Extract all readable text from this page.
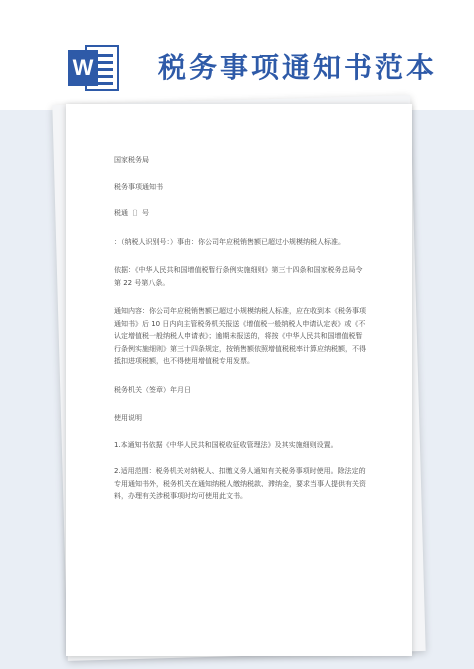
W 税务事项通知书范本

国家税务局

税务事项通知书

税通〔〕号

：（纳税人识别号：）事由：你公司年应税销售额已超过小规模纳税人标准。

依据：《中华人民共和国增值税暂行条例实施细则》第三十四条和国家税务总局令第 22 号第八条。

通知内容：你公司年应税销售额已超过小规模纳税人标准，应在收到本《税务事项通知书》后 10 日内向主管税务机关报送《增值税一般纳税人申请认定表》或《不认定增值税一般纳税人申请表》；逾期未报送的，将按《中华人民共和国增值税暂行条例实施细则》第三十四条规定，按销售额依照增值税税率计算应纳税额，不得抵扣进项税额，也不得使用增值税专用发票。

税务机关（签章）年月日

使用说明

1.本通知书依据《中华人民共和国税收征收管理法》及其实施细则设置。

2.适用范围：税务机关对纳税人、扣缴义务人通知有关税务事项时使用。除法定的专用通知书外，税务机关在通知纳税人缴纳税款、滞纳金，要求当事人提供有关资料，办理有关涉税事项时均可使用此文书。
